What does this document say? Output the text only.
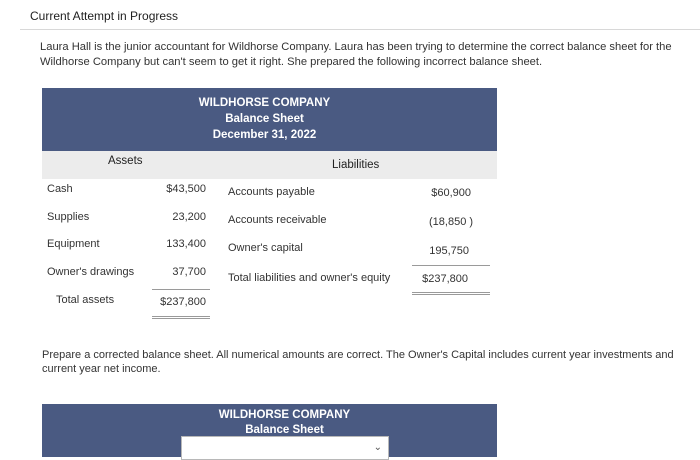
Current Attempt in Progress
Laura Hall is the junior accountant for Wildhorse Company. Laura has been trying to determine the correct balance sheet for the Wildhorse Company but can't seem to get it right. She prepared the following incorrect balance sheet.
WILDHORSE COMPANY
Balance Sheet
December 31, 2022
Assets	Liabilities
Cash	$43,500
Supplies	23,200
Equipment	133,400
Owner's drawings	37,700
Total assets	$237,800
Accounts payable	$60,900
Accounts receivable	(18,850 )
Owner's capital	195,750
Total liabilities and owner's equity	$237,800
Prepare a corrected balance sheet. All numerical amounts are correct. The Owner's Capital includes current year investments and current year net income.
WILDHORSE COMPANY
Balance Sheet
⌄
